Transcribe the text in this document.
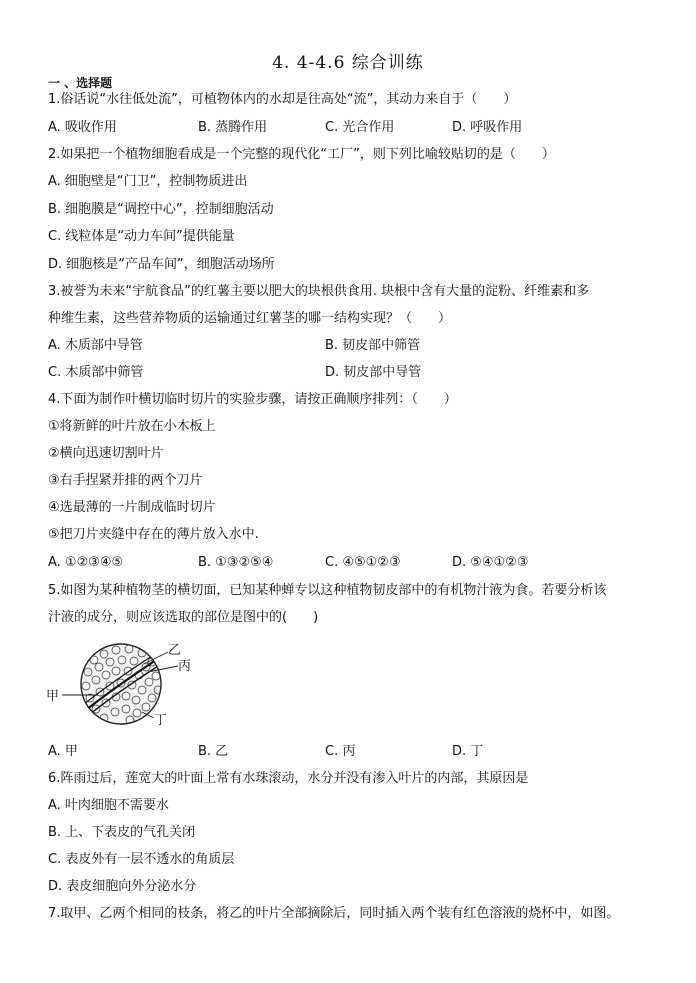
4. 4-4.6 综合训练
一 、选择题
1.俗话说“水往低处流”，可植物体内的水却是往高处“流”，其动力来自于（　　）
A. 吸收作用	B. 蒸腾作用	C. 光合作用	D. 呼吸作用
2.如果把一个植物细胞看成是一个完整的现代化“工厂”，则下列比喻较贴切的是（　　）
A. 细胞壁是“门卫”，控制物质进出
B. 细胞膜是“调控中心”，控制细胞活动
C. 线粒体是“动力车间”提供能量
D. 细胞核是“产品车间”，细胞活动场所
3.被誉为未来“宇航食品”的红薯主要以肥大的块根供食用. 块根中含有大量的淀粉、纤维素和多
种维生素，这些营养物质的运输通过红薯茎的哪一结构实现？（　　）
A. 木质部中导管	B. 韧皮部中筛管
C. 木质部中筛管	D. 韧皮部中导管
4.下面为制作叶横切临时切片的实验步骤，请按正确顺序排列：（　　）
①将新鲜的叶片放在小木板上
②横向迅速切割叶片
③右手捏紧并排的两个刀片
④选最薄的一片制成临时切片
⑤把刀片夹缝中存在的薄片放入水中.
A. ①②③④⑤	B. ①③②⑤④	C. ④⑤①②③	D. ⑤④①②③
5.如图为某种植物茎的横切面，已知某种蝉专以这种植物韧皮部中的有机物汁液为食。若要分析该
汁液的成分，则应该选取的部位是图中的(　　)
乙
丙
甲
丁
A. 甲	B. 乙	C. 丙	D. 丁
6.阵雨过后，莲宽大的叶面上常有水珠滚动，水分并没有渗入叶片的内部，其原因是
A. 叶肉细胞不需要水
B. 上、下表皮的气孔关闭
C. 表皮外有一层不透水的角质层
D. 表皮细胞向外分泌水分
7.取甲、乙两个相同的枝条，将乙的叶片全部摘除后，同时插入两个装有红色溶液的烧杯中，如图。
